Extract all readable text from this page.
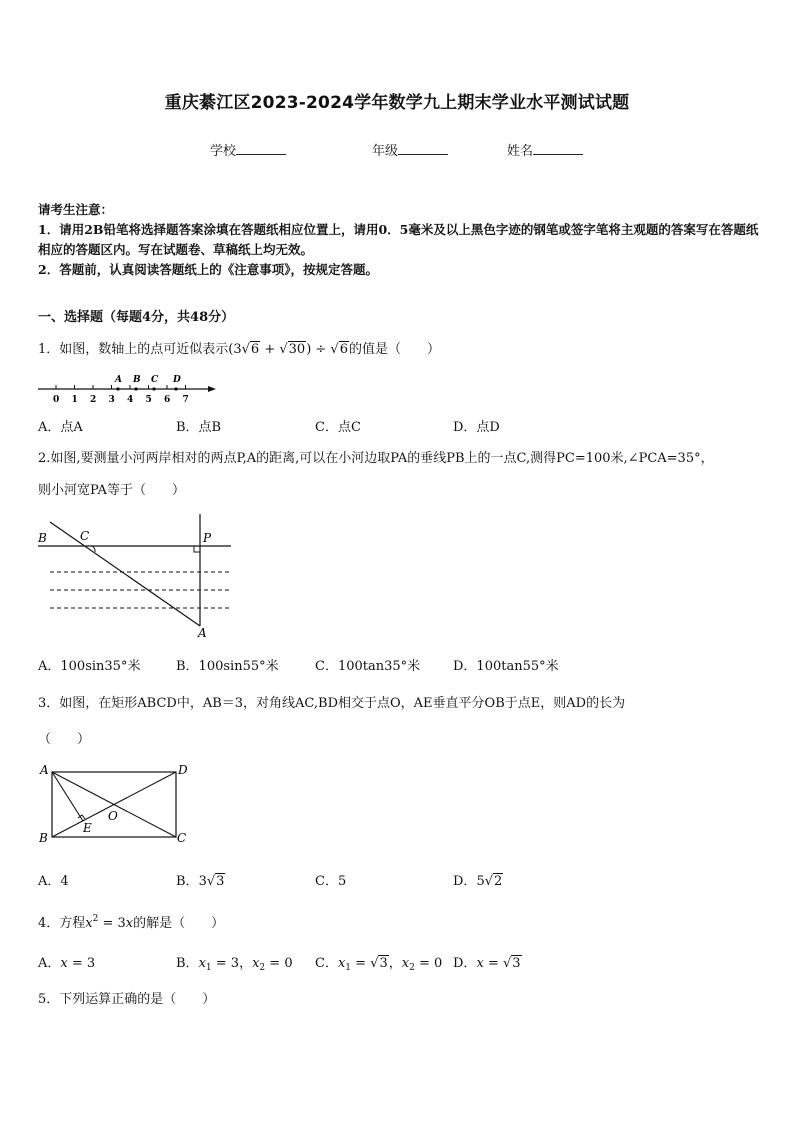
重庆綦江区2023-2024学年数学九上期末学业水平测试试题
学校	年级	姓名
请考生注意：
1．请用2B铅笔将选择题答案涂填在答题纸相应位置上，请用0．5毫米及以上黑色字迹的钢笔或签字笔将主观题的答案写在答题纸相应的答题区内。写在试题卷、草稿纸上均无效。
2．答题前，认真阅读答题纸上的《注意事项》，按规定答题。
一、选择题（每题4分，共48分）
1．如图，数轴上的点可近似表示(3√6 + √30) ÷ √6的值是（　　）
0 1 2 3 4 5 6 7
A B C D
A．点A	B．点B	C．点C	D．点D
2.如图,要测量小河两岸相对的两点P,A的距离,可以在小河边取PA的垂线PB上的一点C,测得PC=100米,∠PCA=35°，
则小河宽PA等于（　　）
B	C	P
A
A．100sin35°米	B．100sin55°米	C．100tan35°米	D．100tan55°米
3．如图，在矩形ABCD中，AB＝3，对角线AC,BD相交于点O，AE垂直平分OB于点E，则AD的长为
（　　）
A	D
B	C
E
O
A．4	B．3√3	C．5	D．5√2
4．方程$x^2 = 3x$的解是（　　）
A．x = 3	B．$x_1 = 3$，$x_2 = 0$ C．$x_1 = √3$，$x_2 = 0$ D．x = √3
5．下列运算正确的是（　　）
